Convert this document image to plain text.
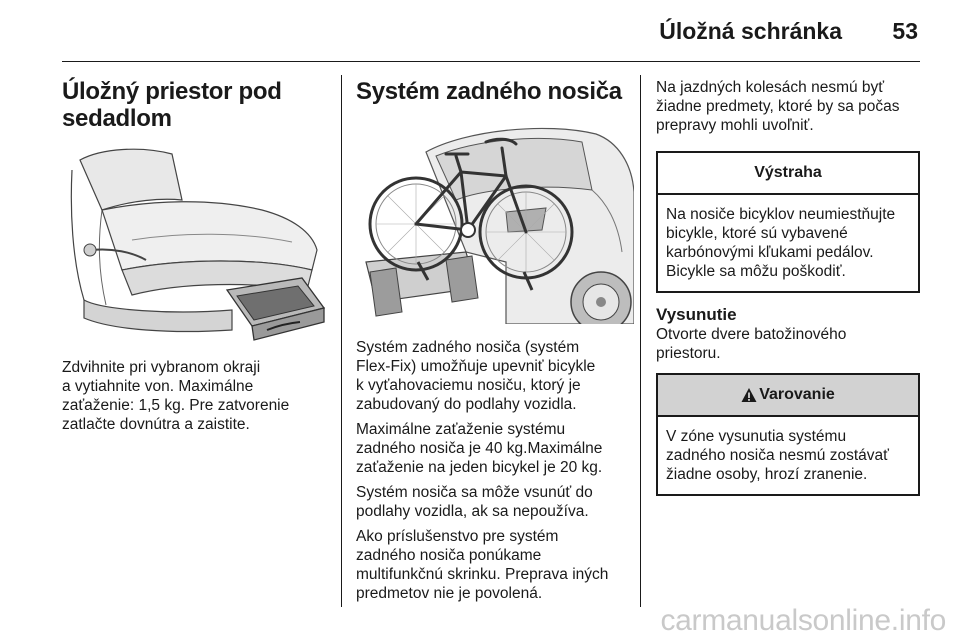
Úložná schránka 53
Úložný priestor pod
sedadlom
Zdvihnite pri vybranom okraji
a vytiahnite von. Maximálne
zaťaženie: 1,5 kg. Pre zatvorenie
zatlačte dovnútra a zaistite.
Systém zadného nosiča
Systém zadného nosiča (systém
Flex-Fix) umožňuje upevniť bicykle
k vyťahovaciemu nosiču, ktorý je
zabudovaný do podlahy vozidla.
Maximálne zaťaženie systému
zadného nosiča je 40 kg.Maximálne
zaťaženie na jeden bicykel je 20 kg.
Systém nosiča sa môže vsunúť do
podlahy vozidla, ak sa nepoužíva.
Ako príslušenstvo pre systém
zadného nosiča ponúkame
multifunkčnú skrinku. Preprava iných
predmetov nie je povolená.
Na jazdných kolesách nesmú byť
žiadne predmety, ktoré by sa počas
prepravy mohli uvoľniť.
Výstraha
Na nosiče bicyklov neumiestňujte
bicykle, ktoré sú vybavené
karbónovými kľukami pedálov.
Bicykle sa môžu poškodiť.
Vysunutie
Otvorte dvere batožinového
priestoru.
Varovanie
V zóne vysunutia systému
zadného nosiča nesmú zostávať
žiadne osoby, hrozí zranenie.
carmanualsonline.info
